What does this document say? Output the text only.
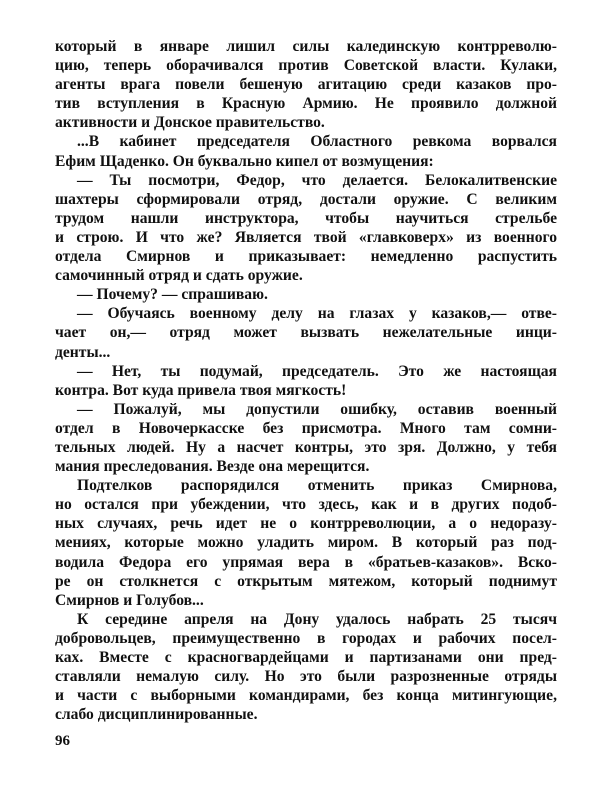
который в январе лишил силы калединскую контрреволю-
цию, теперь оборачивался против Советской власти. Кулаки,
агенты врага повели бешеную агитацию среди казаков про-
тив вступления в Красную Армию. Не проявило должной
активности и Донское правительство.
...В кабинет председателя Областного ревкома ворвался
Ефим Щаденко. Он буквально кипел от возмущения:
— Ты посмотри, Федор, что делается. Белокалитвенские
шахтеры сформировали отряд, достали оружие. С великим
трудом нашли инструктора, чтобы научиться стрельбе
и строю. И что же? Является твой «главковерх» из военного
отдела Смирнов и приказывает: немедленно распустить
самочинный отряд и сдать оружие.
— Почему? — спрашиваю.
— Обучаясь военному делу на глазах у казаков,— отве-
чает он,— отряд может вызвать нежелательные инци-
денты...
— Нет, ты подумай, председатель. Это же настоящая
контра. Вот куда привела твоя мягкость!
— Пожалуй, мы допустили ошибку, оставив военный
отдел в Новочеркасске без присмотра. Много там сомни-
тельных людей. Ну а насчет контры, это зря. Должно, у тебя
мания преследования. Везде она мерещится.
Подтелков распорядился отменить приказ Смирнова,
но остался при убеждении, что здесь, как и в других подоб-
ных случаях, речь идет не о контрреволюции, а о недоразу-
мениях, которые можно уладить миром. В который раз под-
водила Федора его упрямая вера в «братьев-казаков». Вско-
ре он столкнется с открытым мятежом, который поднимут
Смирнов и Голубов...
К середине апреля на Дону удалось набрать 25 тысяч
добровольцев, преимущественно в городах и рабочих посел-
ках. Вместе с красногвардейцами и партизанами они пред-
ставляли немалую силу. Но это были разрозненные отряды
и части с выборными командирами, без конца митингующие,
слабо дисциплинированные.
96
